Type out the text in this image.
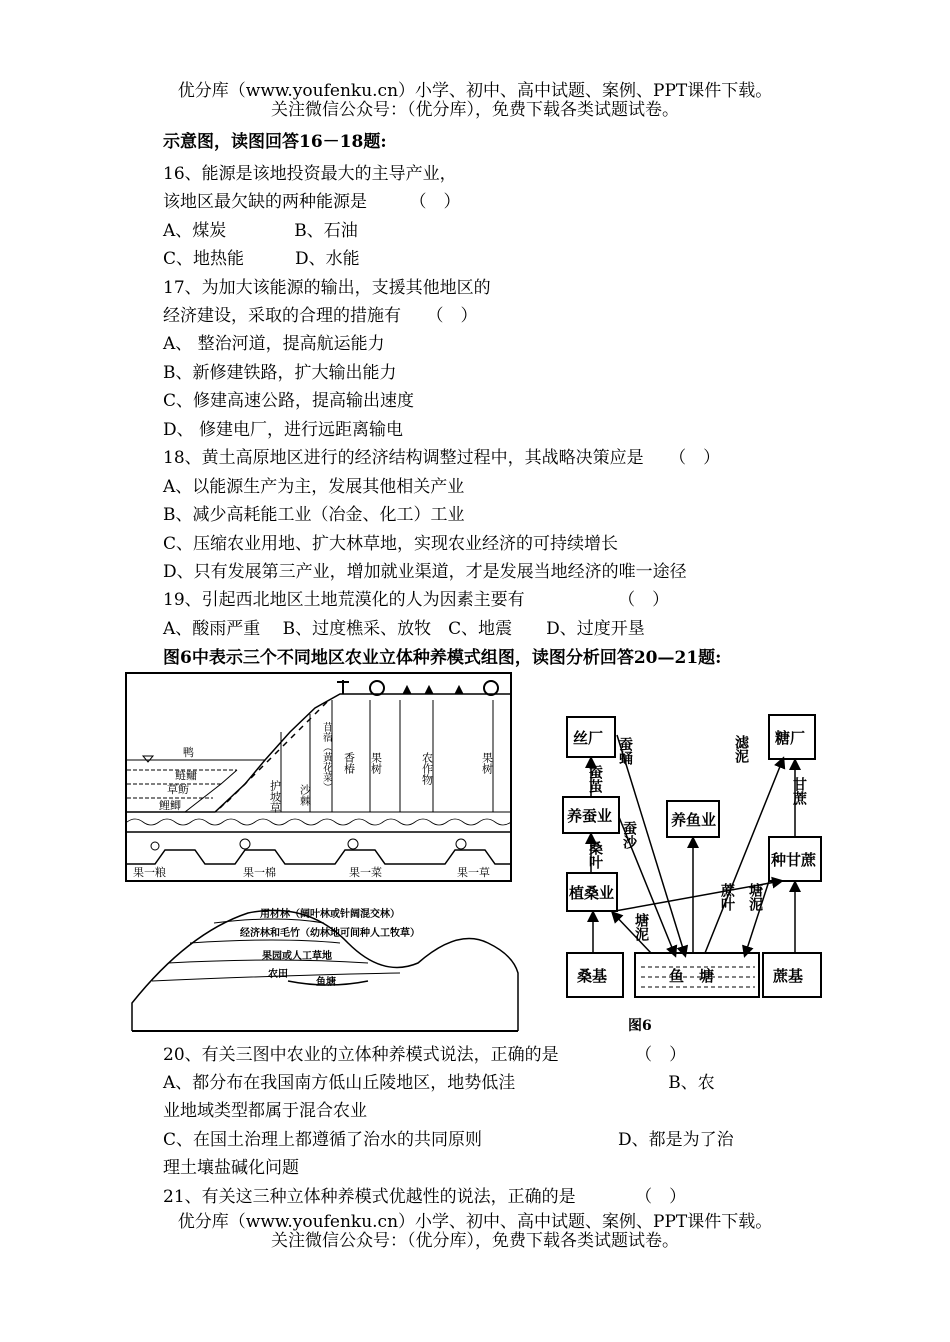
优分库（www.youfenku.cn）小学、初中、高中试题、案例、PPT课件下载。
关注微信公众号：（优分库），免费下载各类试题试卷。
示意图，读图回答16－18题:
16、能源是该地投资最大的主导产业，
该地区最欠缺的两种能源是　　　（　）
A、煤炭　　　　B、石油
C、地热能　　　D、水能
17、为加大该能源的输出，支援其他地区的
经济建设，采取的合理的措施有　　（　）
A、 整治河道，提高航运能力
B、新修建铁路，扩大输出能力
C、修建高速公路，提高输出速度
D、 修建电厂，进行远距离输电
18、黄土高原地区进行的经济结构调整过程中，其战略决策应是　　（　）
A、以能源生产为主，发展其他相关产业
B、减少高耗能工业（冶金、化工）工业
C、压缩农业用地、扩大林草地，实现农业经济的可持续增长
D、只有发展第三产业，增加就业渠道，才是发展当地经济的唯一途径
19、引起西北地区土地荒漠化的人为因素主要有　　　　　　（　）
A、酸雨严重　 B、过度樵采、放牧　C、地震　　D、过度开垦
图6中表示三个不同地区农业立体种养模式组图，读图分析回答20—21题:
鸭
鲢鳙
草鲂
鲤鲫	护坡草 沙棘
苜蓿（黄花菜） 香椿 果树	农作物	果树
果一粮	果一棉	果一菜	果一草
用材林（阔叶林或针阔混交林）
经济林和毛竹（幼林地可间种人工牧草）
果园或人工草地
农田
鱼塘
丝厂
养蚕业	养鱼业
糖厂
植桑业
种甘蔗
桑基	鱼　塘	蔗基
蚕蛹
蚕茧
蚕沙
桑叶
塘泥
滤泥
甘蔗
蔗叶 塘泥
图6
20、有关三图中农业的立体种养模式说法，正确的是　　　　　（　）
A、都分布在我国南方低山丘陵地区，地势低洼　　　　　　　　　B、农
业地域类型都属于混合农业
C、在国土治理上都遵循了治水的共同原则　　　　　　　　D、都是为了治
理土壤盐碱化问题
21、有关这三种立体种养模式优越性的说法，正确的是　　　　（　）
优分库（www.youfenku.cn）小学、初中、高中试题、案例、PPT课件下载。
关注微信公众号：（优分库），免费下载各类试题试卷。
